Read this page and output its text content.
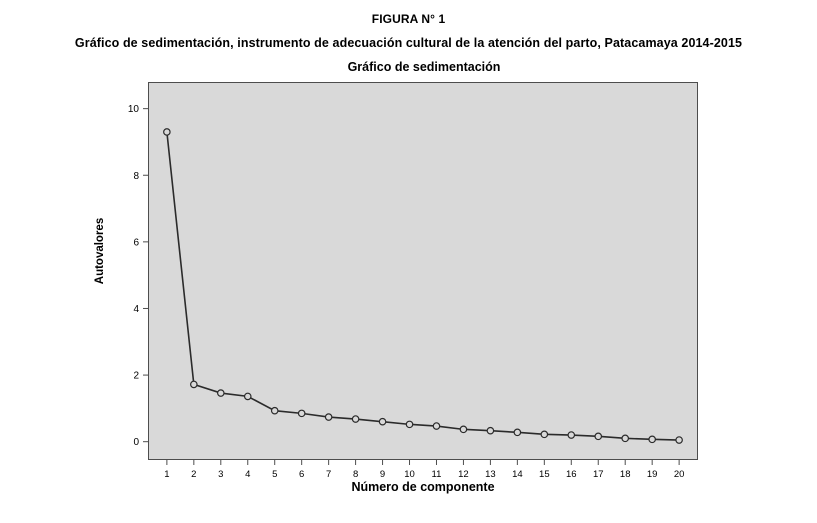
FIGURA N° 1
Gráfico de sedimentación, instrumento de adecuación cultural de la atención del parto, Patacamaya 2014-2015
Gráfico de sedimentación
Autovalores
Número de componente
0
2
4
6
8
10
1 2 3 4 5 6 7 8 9 10 11 12 13 14 15 16 17 18 19 20
